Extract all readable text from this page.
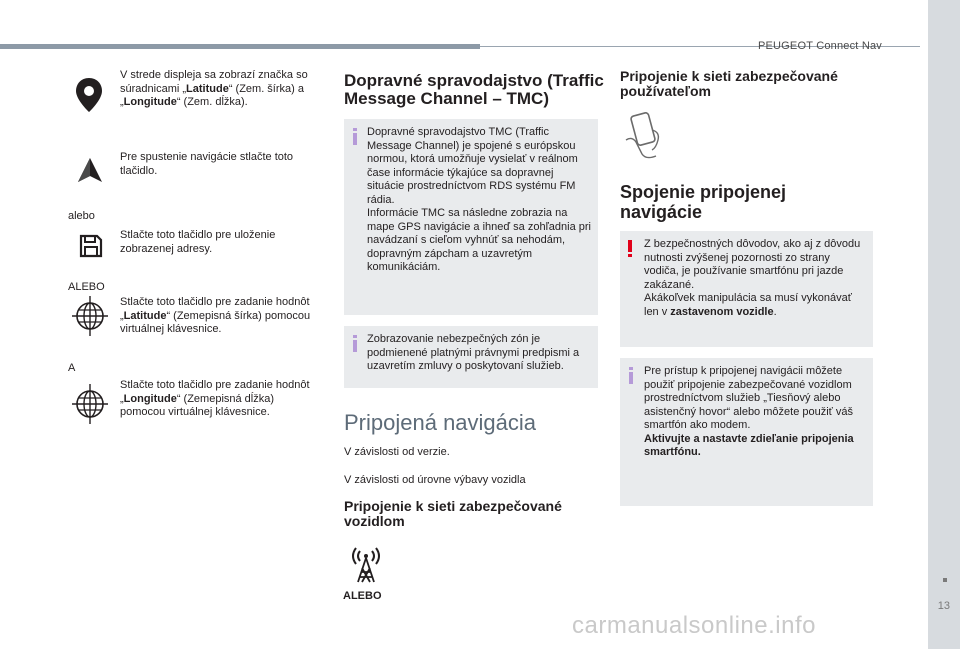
PEUGEOT Connect Nav
13
V strede displeja sa zobrazí značka so súradnicami „Latitude“ (Zem. šírka) a „Longitude“ (Zem. dĺžka).
Pre spustenie navigácie stlačte toto tlačidlo.
alebo
Stlačte toto tlačidlo pre uloženie zobrazenej adresy.
ALEBO
Stlačte toto tlačidlo pre zadanie hodnôt „Latitude“ (Zemepisná šírka) pomocou virtuálnej klávesnice.
A
Stlačte toto tlačidlo pre zadanie hodnôt „Longitude“ (Zemepisná dĺžka) pomocou virtuálnej klávesnice.
Dopravné spravodajstvo (Traffic
Message Channel – TMC)
Dopravné spravodajstvo TMC (Traffic Message Channel) je spojené s európskou normou, ktorá umožňuje vysielať v reálnom čase informácie týkajúce sa dopravnej situácie prostredníctvom RDS systému FM rádia.
Informácie TMC sa následne zobrazia na mape GPS navigácie a ihneď sa zohľadnia pri navádzaní s cieľom vyhnúť sa nehodám, dopravným zápcham a uzavretým komunikáciám.
Zobrazovanie nebezpečných zón je podmienené platnými právnymi predpismi a uzavretím zmluvy o poskytovaní služieb.
Pripojená navigácia
V závislosti od verzie.
V závislosti od úrovne výbavy vozidla
Pripojenie k sieti zabezpečované
vozidlom
ALEBO
Pripojenie k sieti zabezpečované
používateľom
Spojenie pripojenej
navigácie
Z bezpečnostných dôvodov, ako aj z dôvodu nutnosti zvýšenej pozornosti zo strany vodiča, je používanie smartfónu pri jazde zakázané.
Akákoľvek manipulácia sa musí vykonávať len v zastavenom vozidle.
Pre prístup k pripojenej navigácii môžete použiť pripojenie zabezpečované vozidlom prostredníctvom služieb „Tiesňový alebo asistenčný hovor“ alebo môžete použiť váš smartfón ako modem.
Aktivujte a nastavte zdieľanie pripojenia smartfónu.
carmanualsonline.info
